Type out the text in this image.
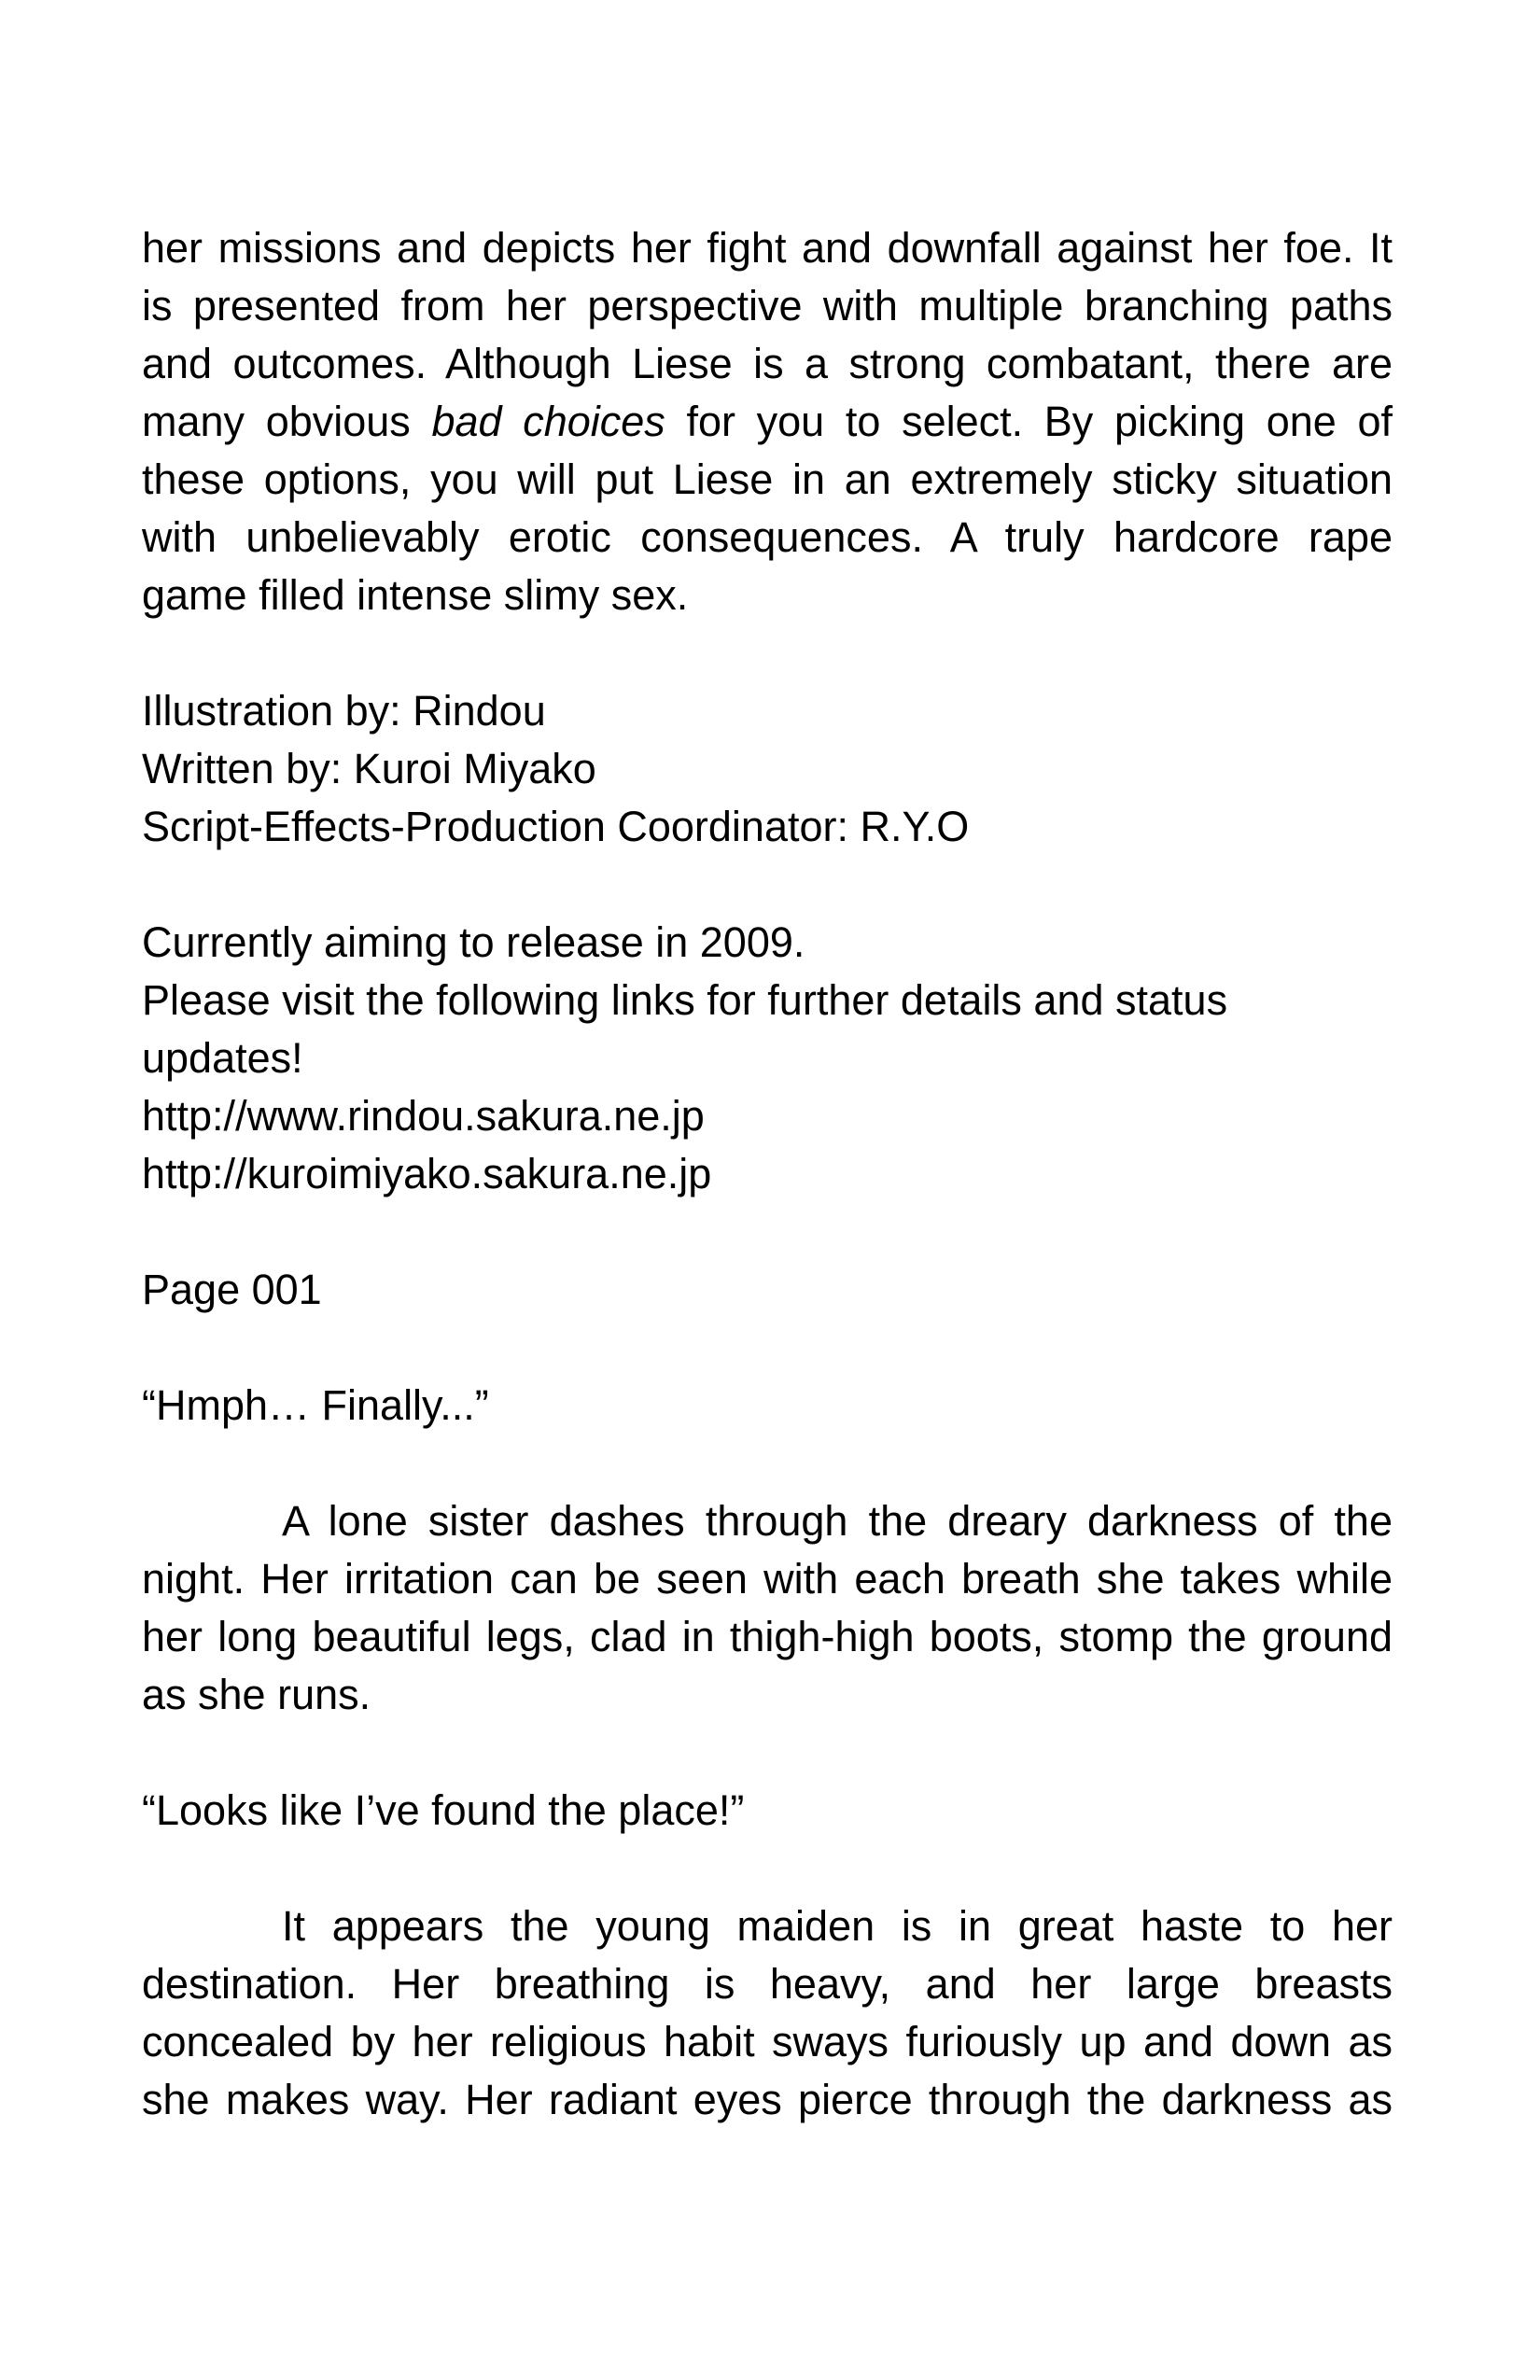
her missions and depicts her fight and downfall against her foe. It
is presented from her perspective with multiple branching paths
and outcomes. Although Liese is a strong combatant, there are
many obvious bad choices for you to select. By picking one of
these options, you will put Liese in an extremely sticky situation
with unbelievably erotic consequences. A truly hardcore rape
game filled intense slimy sex.
Illustration by: Rindou
Written by: Kuroi Miyako
Script-Effects-Production Coordinator: R.Y.O
Currently aiming to release in 2009.
Please visit the following links for further details and status
updates!
http://www.rindou.sakura.ne.jp
http://kuroimiyako.sakura.ne.jp
Page 001
“Hmph… Finally...”
A lone sister dashes through the dreary darkness of the
night. Her irritation can be seen with each breath she takes while
her long beautiful legs, clad in thigh-high boots, stomp the ground
as she runs.
“Looks like I’ve found the place!”
It appears the young maiden is in great haste to her
destination. Her breathing is heavy, and her large breasts
concealed by her religious habit sways furiously up and down as
she makes way. Her radiant eyes pierce through the darkness as
